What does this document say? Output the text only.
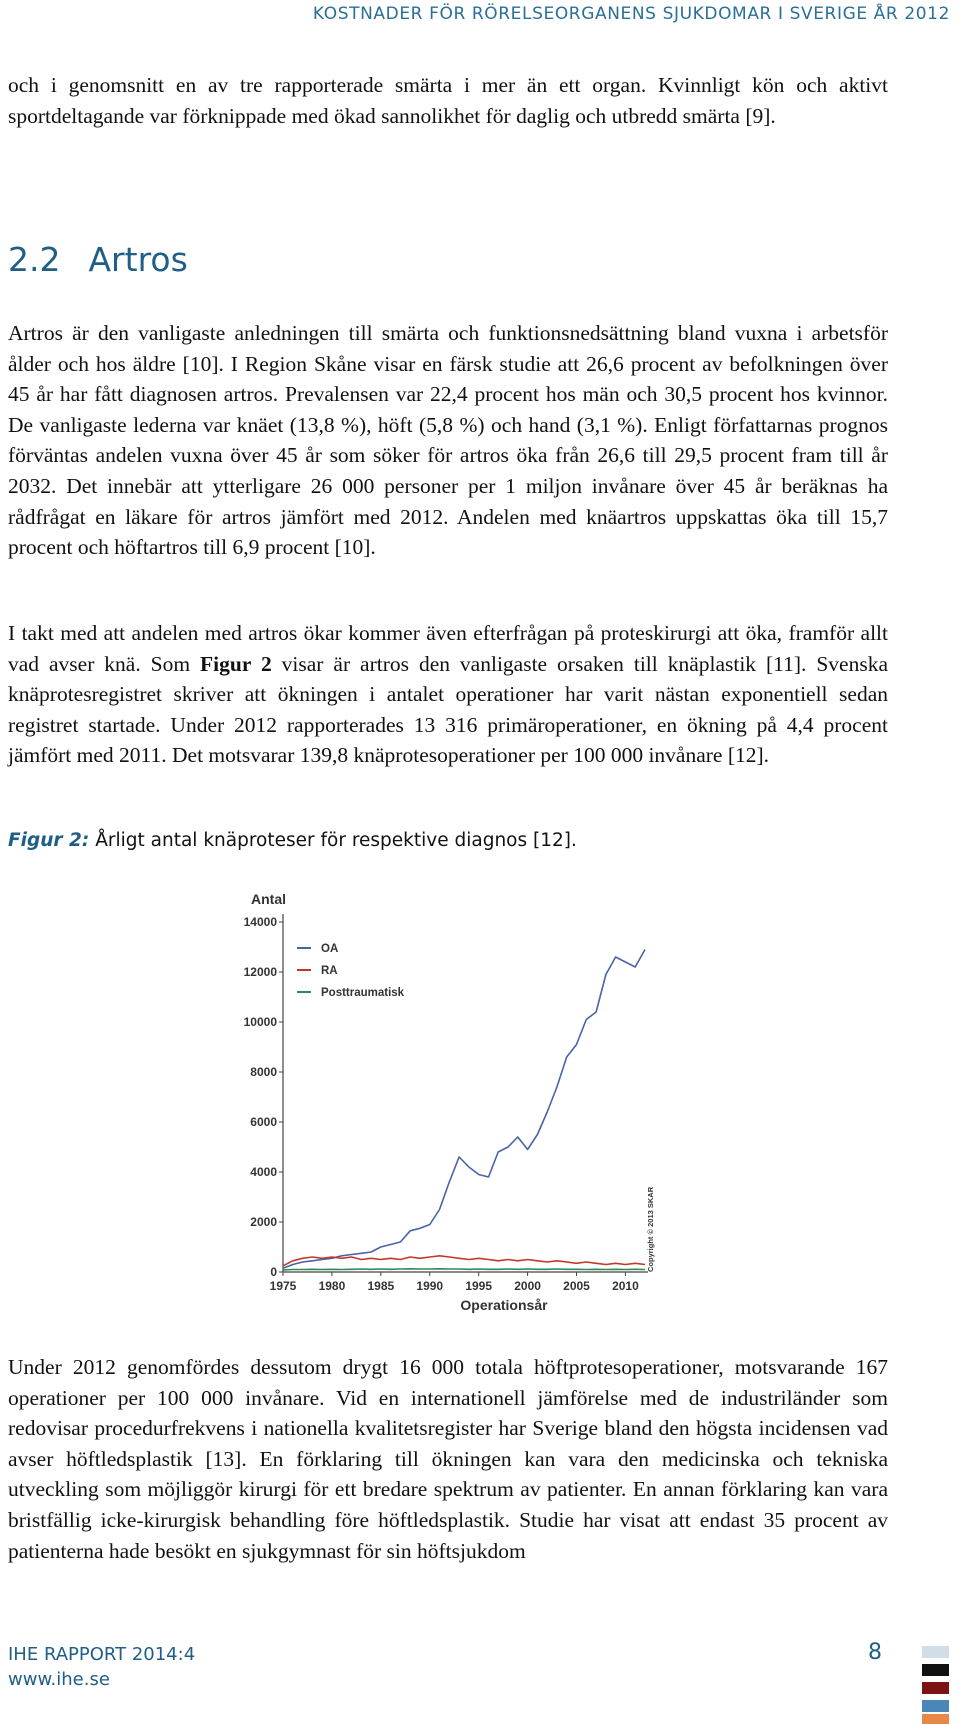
KOSTNADER FÖR RÖRELSEORGANENS SJUKDOMAR I SVERIGE ÅR 2012

och i genomsnitt en av tre rapporterade smärta i mer än ett organ. Kvinnligt kön och aktivt sportdeltagande var förknippade med ökad sannolikhet för daglig och utbredd smärta [9].

2.2 Artros

Artros är den vanligaste anledningen till smärta och funktionsnedsättning bland vuxna i arbetsför ålder och hos äldre [10]. I Region Skåne visar en färsk studie att 26,6 procent av befolkningen över 45 år har fått diagnosen artros. Prevalensen var 22,4 procent hos män och 30,5 procent hos kvinnor. De vanligaste lederna var knäet (13,8 %), höft (5,8 %) och hand (3,1 %). Enligt författarnas prognos förväntas andelen vuxna över 45 år som söker för artros öka från 26,6 till 29,5 procent fram till år 2032. Det innebär att ytterligare 26 000 personer per 1 miljon invånare över 45 år beräknas ha rådfrågat en läkare för artros jämfört med 2012. Andelen med knäartros uppskattas öka till 15,7 procent och höftartros till 6,9 procent [10].

I takt med att andelen med artros ökar kommer även efterfrågan på proteskirurgi att öka, framför allt vad avser knä. Som Figur 2 visar är artros den vanligaste orsaken till knäplastik [11]. Svenska knäprotesregistret skriver att ökningen i antalet operationer har varit nästan exponentiell sedan registret startade. Under 2012 rapporterades 13 316 primäroperationer, en ökning på 4,4 procent jämfört med 2011. Det motsvarar 139,8 knäprotesoperationer per 100 000 invånare [12].

Figur 2: Årligt antal knäproteser för respektive diagnos [12].
0
2000
4000
6000
8000
10000
12000
14000
1975 1980 1985 1990 1995 2000 2005 2010
Antal
Operationsår
OA
RA
Posttraumatisk
Copyright © 2013 SKAR

Under 2012 genomfördes dessutom drygt 16 000 totala höftprotesoperationer, motsvarande 167 operationer per 100 000 invånare. Vid en internationell jämförelse med de industriländer som redovisar procedurfrekvens i nationella kvalitetsregister har Sverige bland den högsta incidensen vad avser höftledsplastik [13]. En förklaring till ökningen kan vara den medicinska och tekniska utveckling som möjliggör kirurgi för ett bredare spektrum av patienter. En annan förklaring kan vara bristfällig icke-kirurgisk behandling före höftledsplastik. Studie har visat att endast 35 procent av patienterna hade besökt en sjukgymnast för sin höftsjukdom

IHE RAPPORT 2014:4
www.ihe.se
8
